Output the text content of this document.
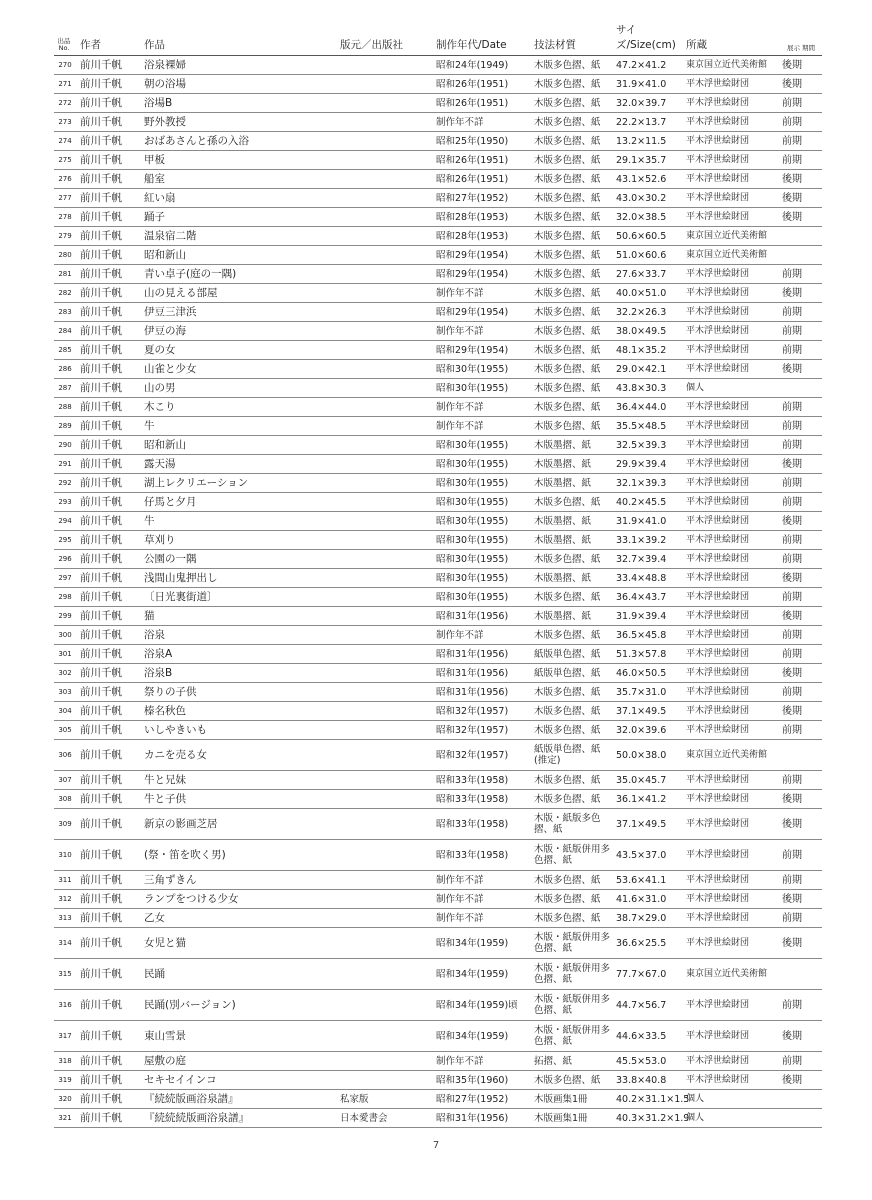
出品 No.	作者	作品	版元／出版社	制作年代/Date	技法材質	サイズ/Size(cm)	所蔵	展示 期間
270	前川千帆	浴泉裸婦		昭和24年(1949)	木版多色摺、紙	47.2×41.2	東京国立近代美術館	後期
271	前川千帆	朝の浴場		昭和26年(1951)	木版多色摺、紙	31.9×41.0	平木浮世絵財団	後期
272	前川千帆	浴場B		昭和26年(1951)	木版多色摺、紙	32.0×39.7	平木浮世絵財団	前期
273	前川千帆	野外教授		制作年不詳	木版多色摺、紙	22.2×13.7	平木浮世絵財団	前期
274	前川千帆	おばあさんと孫の入浴		昭和25年(1950)	木版多色摺、紙	13.2×11.5	平木浮世絵財団	前期
275	前川千帆	甲板		昭和26年(1951)	木版多色摺、紙	29.1×35.7	平木浮世絵財団	前期
276	前川千帆	船室		昭和26年(1951)	木版多色摺、紙	43.1×52.6	平木浮世絵財団	後期
277	前川千帆	紅い扇		昭和27年(1952)	木版多色摺、紙	43.0×30.2	平木浮世絵財団	後期
278	前川千帆	踊子		昭和28年(1953)	木版多色摺、紙	32.0×38.5	平木浮世絵財団	後期
279	前川千帆	温泉宿二階		昭和28年(1953)	木版多色摺、紙	50.6×60.5	東京国立近代美術館	
280	前川千帆	昭和新山		昭和29年(1954)	木版多色摺、紙	51.0×60.6	東京国立近代美術館	
281	前川千帆	青い卓子(庭の一隅)		昭和29年(1954)	木版多色摺、紙	27.6×33.7	平木浮世絵財団	前期
282	前川千帆	山の見える部屋		制作年不詳	木版多色摺、紙	40.0×51.0	平木浮世絵財団	後期
283	前川千帆	伊豆三津浜		昭和29年(1954)	木版多色摺、紙	32.2×26.3	平木浮世絵財団	前期
284	前川千帆	伊豆の海		制作年不詳	木版多色摺、紙	38.0×49.5	平木浮世絵財団	前期
285	前川千帆	夏の女		昭和29年(1954)	木版多色摺、紙	48.1×35.2	平木浮世絵財団	前期
286	前川千帆	山雀と少女		昭和30年(1955)	木版多色摺、紙	29.0×42.1	平木浮世絵財団	後期
287	前川千帆	山の男		昭和30年(1955)	木版多色摺、紙	43.8×30.3	個人	
288	前川千帆	木こり		制作年不詳	木版多色摺、紙	36.4×44.0	平木浮世絵財団	前期
289	前川千帆	牛		制作年不詳	木版多色摺、紙	35.5×48.5	平木浮世絵財団	前期
290	前川千帆	昭和新山		昭和30年(1955)	木版墨摺、紙	32.5×39.3	平木浮世絵財団	前期
291	前川千帆	露天湯		昭和30年(1955)	木版墨摺、紙	29.9×39.4	平木浮世絵財団	後期
292	前川千帆	湖上レクリエーション		昭和30年(1955)	木版墨摺、紙	32.1×39.3	平木浮世絵財団	前期
293	前川千帆	仔馬と夕月		昭和30年(1955)	木版多色摺、紙	40.2×45.5	平木浮世絵財団	前期
294	前川千帆	牛		昭和30年(1955)	木版墨摺、紙	31.9×41.0	平木浮世絵財団	後期
295	前川千帆	草刈り		昭和30年(1955)	木版墨摺、紙	33.1×39.2	平木浮世絵財団	前期
296	前川千帆	公園の一隅		昭和30年(1955)	木版多色摺、紙	32.7×39.4	平木浮世絵財団	前期
297	前川千帆	浅間山鬼押出し		昭和30年(1955)	木版墨摺、紙	33.4×48.8	平木浮世絵財団	後期
298	前川千帆	〔日光裏街道〕		昭和30年(1955)	木版多色摺、紙	36.4×43.7	平木浮世絵財団	前期
299	前川千帆	猫		昭和31年(1956)	木版墨摺、紙	31.9×39.4	平木浮世絵財団	後期
300	前川千帆	浴泉		制作年不詳	木版多色摺、紙	36.5×45.8	平木浮世絵財団	前期
301	前川千帆	浴泉A		昭和31年(1956)	紙版単色摺、紙	51.3×57.8	平木浮世絵財団	前期
302	前川千帆	浴泉B		昭和31年(1956)	紙版単色摺、紙	46.0×50.5	平木浮世絵財団	後期
303	前川千帆	祭りの子供		昭和31年(1956)	木版多色摺、紙	35.7×31.0	平木浮世絵財団	前期
304	前川千帆	榛名秋色		昭和32年(1957)	木版多色摺、紙	37.1×49.5	平木浮世絵財団	後期
305	前川千帆	いしやきいも		昭和32年(1957)	木版多色摺、紙	32.0×39.6	平木浮世絵財団	前期
306	前川千帆	カニを売る女		昭和32年(1957)	紙版単色摺、紙(推定)	50.0×38.0	東京国立近代美術館	
307	前川千帆	牛と兄妹		昭和33年(1958)	木版多色摺、紙	35.0×45.7	平木浮世絵財団	前期
308	前川千帆	牛と子供		昭和33年(1958)	木版多色摺、紙	36.1×41.2	平木浮世絵財団	後期
309	前川千帆	新京の影画芝居		昭和33年(1958)	木版・紙版多色摺、紙	37.1×49.5	平木浮世絵財団	後期
310	前川千帆	(祭・笛を吹く男)		昭和33年(1958)	木版・紙版併用多色摺、紙	43.5×37.0	平木浮世絵財団	前期
311	前川千帆	三角ずきん		制作年不詳	木版多色摺、紙	53.6×41.1	平木浮世絵財団	前期
312	前川千帆	ランプをつける少女		制作年不詳	木版多色摺、紙	41.6×31.0	平木浮世絵財団	後期
313	前川千帆	乙女		制作年不詳	木版多色摺、紙	38.7×29.0	平木浮世絵財団	前期
314	前川千帆	女児と猫		昭和34年(1959)	木版・紙版併用多色摺、紙	36.6×25.5	平木浮世絵財団	後期
315	前川千帆	民踊		昭和34年(1959)	木版・紙版併用多色摺、紙	77.7×67.0	東京国立近代美術館	
316	前川千帆	民踊(別バージョン)		昭和34年(1959)頃	木版・紙版併用多色摺、紙	44.7×56.7	平木浮世絵財団	前期
317	前川千帆	東山雪景		昭和34年(1959)	木版・紙版併用多色摺、紙	44.6×33.5	平木浮世絵財団	後期
318	前川千帆	屋敷の庭		制作年不詳	拓摺、紙	45.5×53.0	平木浮世絵財団	前期
319	前川千帆	セキセイインコ		昭和35年(1960)	木版多色摺、紙	33.8×40.8	平木浮世絵財団	後期
320	前川千帆	『続続版画浴泉譜』	私家版	昭和27年(1952)	木版画集1冊	40.2×31.1×1.5	個人	
321	前川千帆	『続続続版画浴泉譜』	日本愛書会	昭和31年(1956)	木版画集1冊	40.3×31.2×1.9	個人	
7
